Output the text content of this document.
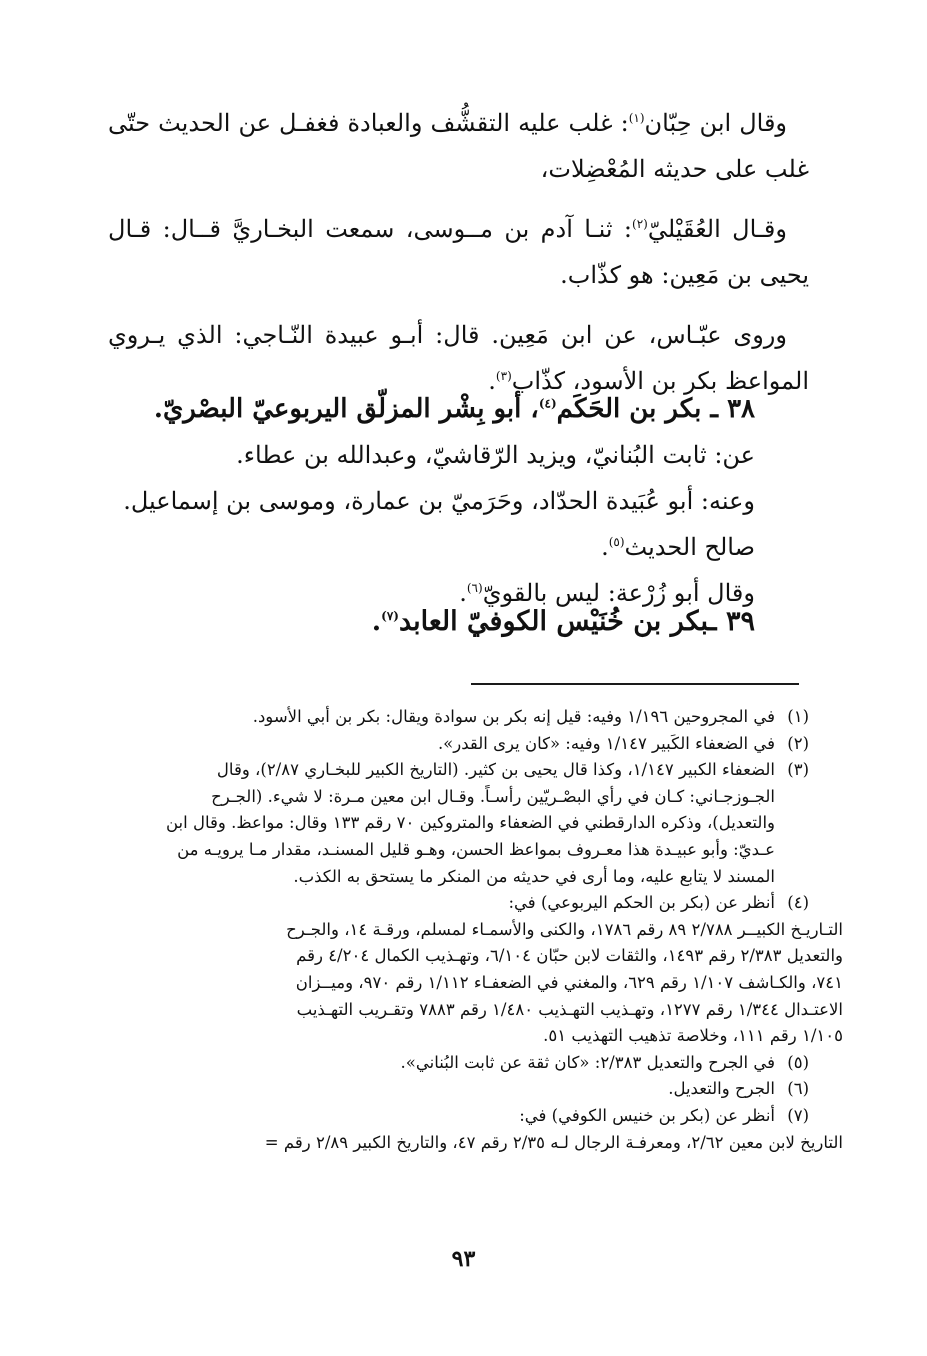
وقال ابن حِبّان$^{(١)}$: غلب عليه التقشُّف والعبادة فغفـل عن الحديث حتّى غلب على حديثه المُعْضِلات،

وقـال العُقَيْليّ$^{(٢)}$: ثنـا آدم بن مــوسى، سمعت البخـاريَّ قــال: قـال يحيى بن مَعِين: هو كذّاب.

وروى عبّـاس، عن ابن مَعِين. قال: أبـو عبيدة النّـاجي: الذي يـروي المواعظ بكر بن الأسود، كذّاب$^{(٣)}$.

٣٨ ـ بكر بن الحَكَم$^{(٤)}$، أبو بِشْر المزلّق اليربوعيّ البصْريّ.
عن: ثابت البُنانيّ، ويزيد الرّقاشيّ، وعبدالله بن عطاء.
وعنه: أبو عُبَيدة الحدّاد، وحَرَميّ بن عمارة، وموسى بن إسماعيل.
صالح الحديث$^{(٥)}$.
وقال أبو زُرْعة: ليس بالقويّ$^{(٦)}$.
٣٩ ـبكر بن خُنَيْس الكوفيّ العابد$^{(٧)}$.
(١)
في المجروحين ١/١٩٦ وفيه: قيل إنه بكر بن سوادة ويقال: بكر بن أبي الأسود.
(٢)
في الضعفاء الكَبير ١/١٤٧ وفيه: «كان يرى القدر».
(٣)
الضعفاء الكبير ١/١٤٧، وكذا قال يحيى بن كثير. (التاريخ الكبير للبخـاري ٢/٨٧)، وقال
الجـوزجـاني: كـان في رأي البصْـريّين رأسـاً. وقـال ابن معين مـرة: لا شيء. (الجـرح
والتعديل)، وذكره الدارقطني في الضعفاء والمتروكين ٧٠ رقم ١٣٣ وقال: مواعظ. وقال ابن
عـديّ: وأبو عبيـدة هذا معـروف بمواعظ الحسن، وهـو قليل المسنـد، مقدار مـا يرويـه من
المسند لا يتابع عليه، وما أرى في حديثه من المنكر ما يستحق به الكذب.
(٤)
أنظر عن (بكر بن الحكم اليربوعي) في:
التـاريـخ الكبيــر ٢/٧٨٨ ٨٩ رقم ١٧٨٦، والكنى والأسمـاء لمسلم، ورقـة ١٤، والجـرح
والتعديل ٢/٣٨٣ رقم ١٤٩٣، والثقات لابن حبّان ٦/١٠٤، وتهـذيب الكمال ٤/٢٠٤ رقم
٧٤١، والكـاشف ١/١٠٧ رقم ٦٢٩، والمغني في الضعفـاء ١/١١٢ رقم ٩٧٠، وميــزان
الاعتـدال ١/٣٤٤ رقم ١٢٧٧، وتهـذيب التهـذيب ١/٤٨٠ رقم ٧٨٨٣ وتقـريب التهـذيب
١/١٠٥ رقم ١١١، وخلاصة تذهيب التهذيب ٥١.
(٥)
في الجرح والتعديل ٢/٣٨٣: «كان ثقة عن ثابت البُناني».
(٦)
الجرح والتعديل.
(٧)
أنظر عن (بكر بن خنيس الكوفي) في:
التاريخ لابن معين ٢/٦٢، ومعرفـة الرجال لـه ٢/٣٥ رقم ٤٧، والتاريخ الكبير ٢/٨٩ رقم =
٩٣
